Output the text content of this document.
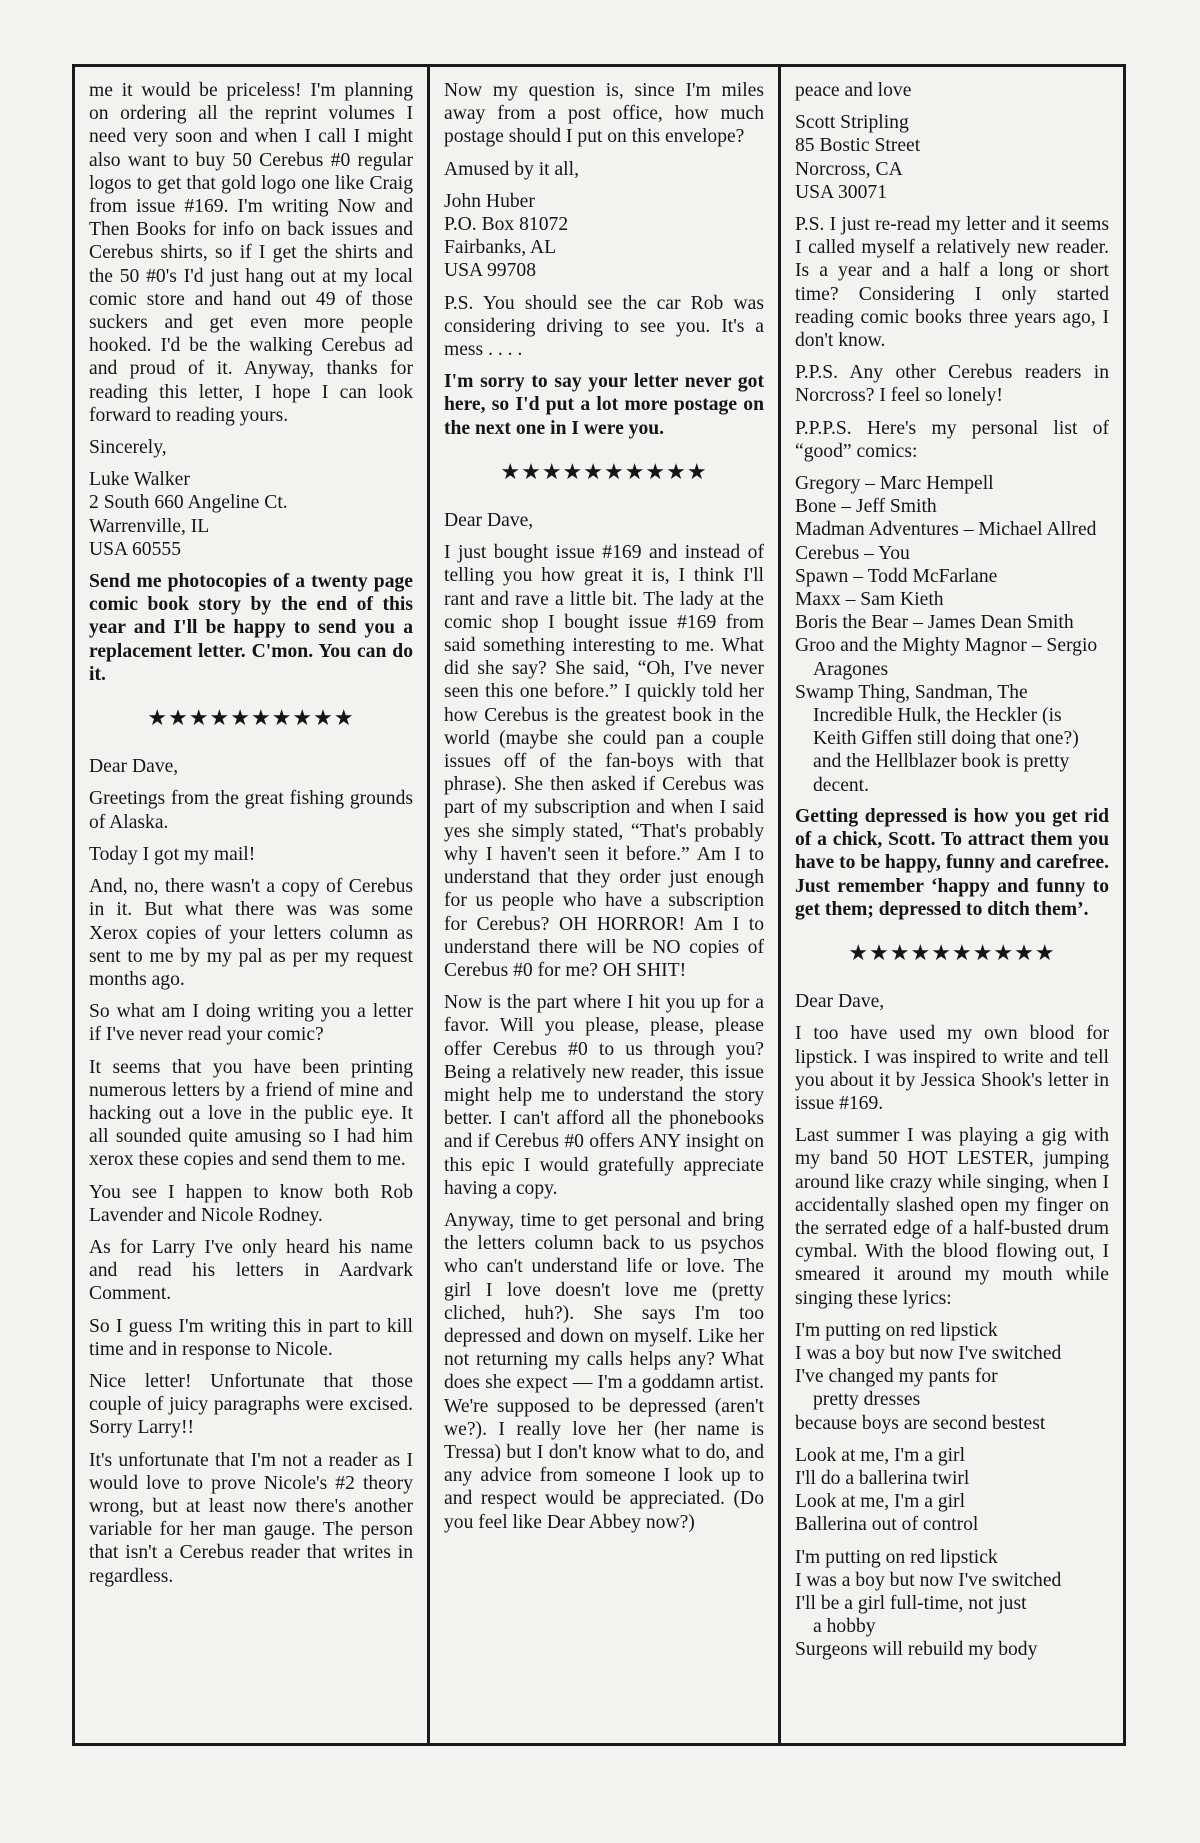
me it would be priceless! I'm planning on ordering all the reprint volumes I need very soon and when I call I might also want to buy 50 Cerebus #0 regular logos to get that gold logo one like Craig from issue #169. I'm writing Now and Then Books for info on back issues and Cerebus shirts, so if I get the shirts and the 50 #0's I'd just hang out at my local comic store and hand out 49 of those suckers and get even more people hooked. I'd be the walking Cerebus ad and proud of it. Anyway, thanks for reading this letter, I hope I can look forward to reading yours.

Sincerely,

Luke Walker
2 South 660 Angeline Ct.
Warrenville, IL
USA 60555

Send me photocopies of a twenty page comic book story by the end of this year and I'll be happy to send you a replacement letter. C'mon. You can do it.

★★★★★★★★★★

Dear Dave,

Greetings from the great fishing grounds of Alaska.

Today I got my mail!

And, no, there wasn't a copy of Cerebus in it. But what there was was some Xerox copies of your letters column as sent to me by my pal as per my request months ago.

So what am I doing writing you a letter if I've never read your comic?

It seems that you have been printing numerous letters by a friend of mine and hacking out a love in the public eye. It all sounded quite amusing so I had him xerox these copies and send them to me.

You see I happen to know both Rob Lavender and Nicole Rodney.

As for Larry I've only heard his name and read his letters in Aardvark Comment.

So I guess I'm writing this in part to kill time and in response to Nicole.

Nice letter! Unfortunate that those couple of juicy paragraphs were excised. Sorry Larry!!

It's unfortunate that I'm not a reader as I would love to prove Nicole's #2 theory wrong, but at least now there's another variable for her man gauge. The person that isn't a Cerebus reader that writes in regardless.

Now my question is, since I'm miles away from a post office, how much postage should I put on this envelope?

Amused by it all,

John Huber
P.O. Box 81072
Fairbanks, AL
USA 99708

P.S. You should see the car Rob was considering driving to see you. It's a mess . . . .

I'm sorry to say your letter never got here, so I'd put a lot more postage on the next one in I were you.

★★★★★★★★★★

Dear Dave,

I just bought issue #169 and instead of telling you how great it is, I think I'll rant and rave a little bit. The lady at the comic shop I bought issue #169 from said something interesting to me. What did she say? She said, “Oh, I've never seen this one before.” I quickly told her how Cerebus is the greatest book in the world (maybe she could pan a couple issues off of the fan-boys with that phrase). She then asked if Cerebus was part of my subscription and when I said yes she simply stated, “That's probably why I haven't seen it before.” Am I to understand that they order just enough for us people who have a subscription for Cerebus? OH HORROR! Am I to understand there will be NO copies of Cerebus #0 for me? OH SHIT!

Now is the part where I hit you up for a favor. Will you please, please, please offer Cerebus #0 to us through you? Being a relatively new reader, this issue might help me to understand the story better. I can't afford all the phonebooks and if Cerebus #0 offers ANY insight on this epic I would gratefully appreciate having a copy.

Anyway, time to get personal and bring the letters column back to us psychos who can't understand life or love. The girl I love doesn't love me (pretty cliched, huh?). She says I'm too depressed and down on myself. Like her not returning my calls helps any? What does she expect — I'm a goddamn artist. We're supposed to be depressed (aren't we?). I really love her (her name is Tressa) but I don't know what to do, and any advice from someone I look up to and respect would be appreciated. (Do you feel like Dear Abbey now?)

peace and love

Scott Stripling
85 Bostic Street
Norcross, CA
USA 30071

P.S. I just re-read my letter and it seems I called myself a relatively new reader. Is a year and a half a long or short time? Considering I only started reading comic books three years ago, I don't know.

P.P.S. Any other Cerebus readers in Norcross? I feel so lonely!

P.P.P.S. Here's my personal list of “good” comics:

Gregory – Marc Hempell
Bone – Jeff Smith
Madman Adventures – Michael Allred
Cerebus – You
Spawn – Todd McFarlane
Maxx – Sam Kieth
Boris the Bear – James Dean Smith
Groo and the Mighty Magnor – Sergio Aragones
Swamp Thing, Sandman, The Incredible Hulk, the Heckler (is Keith Giffen still doing that one?) and the Hellblazer book is pretty decent.

Getting depressed is how you get rid of a chick, Scott. To attract them you have to be happy, funny and carefree. Just remember ‘happy and funny to get them; depressed to ditch them’.

★★★★★★★★★★

Dear Dave,

I too have used my own blood for lipstick. I was inspired to write and tell you about it by Jessica Shook's letter in issue #169.

Last summer I was playing a gig with my band 50 HOT LESTER, jumping around like crazy while singing, when I accidentally slashed open my finger on the serrated edge of a half-busted drum cymbal. With the blood flowing out, I smeared it around my mouth while singing these lyrics:

I'm putting on red lipstick
I was a boy but now I've switched
I've changed my pants for
pretty dresses
because boys are second bestest
Look at me, I'm a girl
I'll do a ballerina twirl
Look at me, I'm a girl
Ballerina out of control
I'm putting on red lipstick
I was a boy but now I've switched
I'll be a girl full-time, not just
a hobby
Surgeons will rebuild my body
